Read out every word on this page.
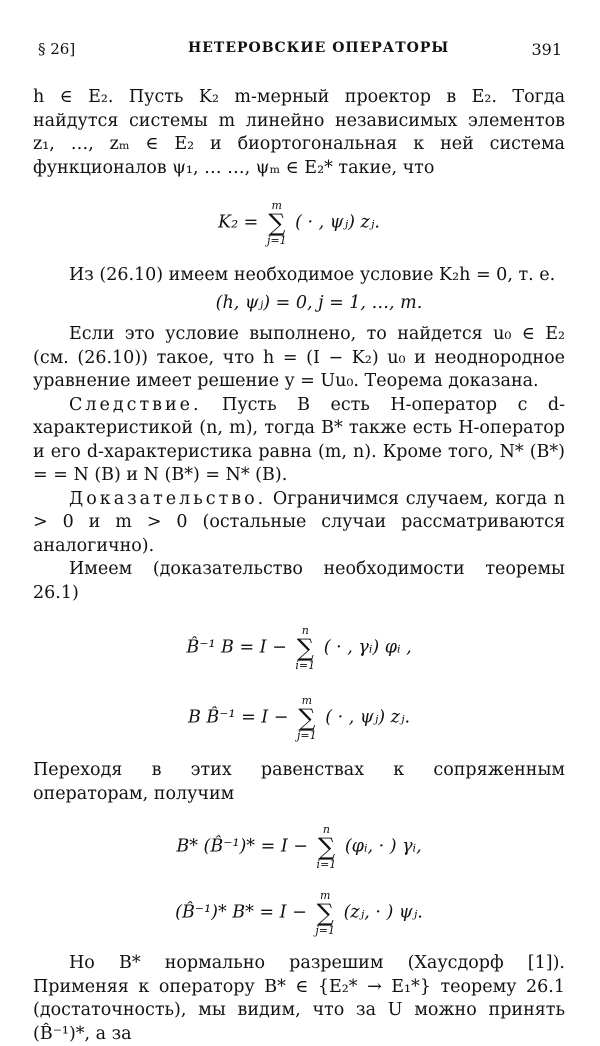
§ 26]	НЕТЕРОВСКИЕ ОПЕРАТОРЫ	391

h ∈ E₂. Пусть K₂ m-мерный проектор в E₂. Тогда найдутся системы m линейно независимых элементов z₁, …, zₘ ∈ E₂ и биортогональная к ней система функционалов ψ₁, … …, ψₘ ∈ E₂* такие, что

K₂ =
m
∑
j=1
( · , ψⱼ) zⱼ.

Из (26.10) имеем необходимое условие K₂h = 0, т. е.

(h, ψⱼ) = 0, j = 1, …, m.

Если это условие выполнено, то найдется u₀ ∈ E₂ (см. (26.10)) такое, что h = (I − K₂) u₀ и неоднородное уравнение имеет решение y = Uu₀. Теорема доказана.

Следствие. Пусть B есть H-оператор с d-характеристикой (n, m), тогда B* также есть H-оператор и его d-характеристика равна (m, n). Кроме того, N* (B*) = = N (B) и N (B*) = N* (B).

Доказательство. Ограничимся случаем, когда n > 0 и m > 0 (остальные случаи рассматриваются аналогично).

Имеем (доказательство необходимости теоремы 26.1)

B̂⁻¹ B = I −
n
∑
i=1
( · , γᵢ) φᵢ ,

B B̂⁻¹ = I −
m
∑
j=1
( · , ψⱼ) zⱼ.

Переходя в этих равенствах к сопряженным операторам, получим

B* (B̂⁻¹)* = I −
n
∑
i=1
(φᵢ, · ) γᵢ,

(B̂⁻¹)* B* = I −
m
∑
j=1
(zⱼ, · ) ψⱼ.

Но B* нормально разрешим (Хаусдорф [1]). Применяя к оператору B* ∈ {E₂* → E₁*} теорему 26.1 (достаточность), мы видим, что за U можно принять (B̂⁻¹)*, а за
